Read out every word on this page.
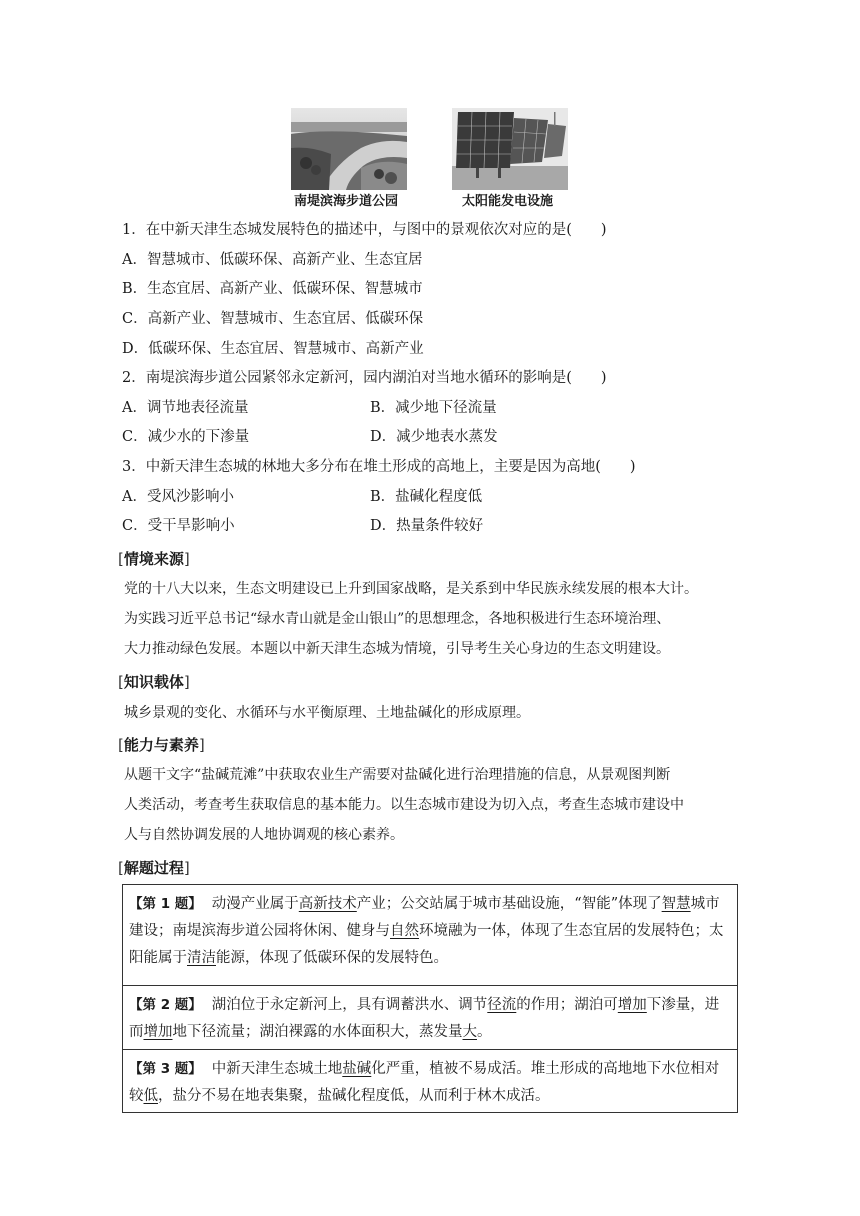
南堤滨海步道公园	太阳能发电设施
1．在中新天津生态城发展特色的描述中，与图中的景观依次对应的是(　　)
A．智慧城市、低碳环保、高新产业、生态宜居
B．生态宜居、高新产业、低碳环保、智慧城市
C．高新产业、智慧城市、生态宜居、低碳环保
D．低碳环保、生态宜居、智慧城市、高新产业
2．南堤滨海步道公园紧邻永定新河，园内湖泊对当地水循环的影响是(　　)
A．调节地表径流量	B．减少地下径流量
C．减少水的下渗量	D．减少地表水蒸发
3．中新天津生态城的林地大多分布在堆土形成的高地上，主要是因为高地(　　)
A．受风沙影响小	B．盐碱化程度低
C．受干旱影响小	D．热量条件较好
[情境来源]
党的十八大以来，生态文明建设已上升到国家战略，是关系到中华民族永续发展的根本大计。
为实践习近平总书记“绿水青山就是金山银山”的思想理念，各地积极进行生态环境治理、
大力推动绿色发展。本题以中新天津生态城为情境，引导考生关心身边的生态文明建设。
[知识载体]
城乡景观的变化、水循环与水平衡原理、土地盐碱化的形成原理。
[能力与素养]
从题干文字“盐碱荒滩”中获取农业生产需要对盐碱化进行治理措施的信息，从景观图判断
人类活动，考查考生获取信息的基本能力。以生态城市建设为切入点，考查生态城市建设中
人与自然协调发展的人地协调观的核心素养。
[解题过程]
【第 1 题】 动漫产业属于高新技术产业；公交站属于城市基础设施，“智能”体现了智慧城市建设；南堤滨海步道公园将休闲、健身与自然环境融为一体，体现了生态宜居的发展特色；太阳能属于清洁能源，体现了低碳环保的发展特色。
【第 2 题】 湖泊位于永定新河上，具有调蓄洪水、调节径流的作用；湖泊可增加下渗量，进而增加地下径流量；湖泊裸露的水体面积大，蒸发量大。
【第 3 题】 中新天津生态城土地盐碱化严重，植被不易成活。堆土形成的高地地下水位相对较低，盐分不易在地表集聚，盐碱化程度低，从而利于林木成活。
